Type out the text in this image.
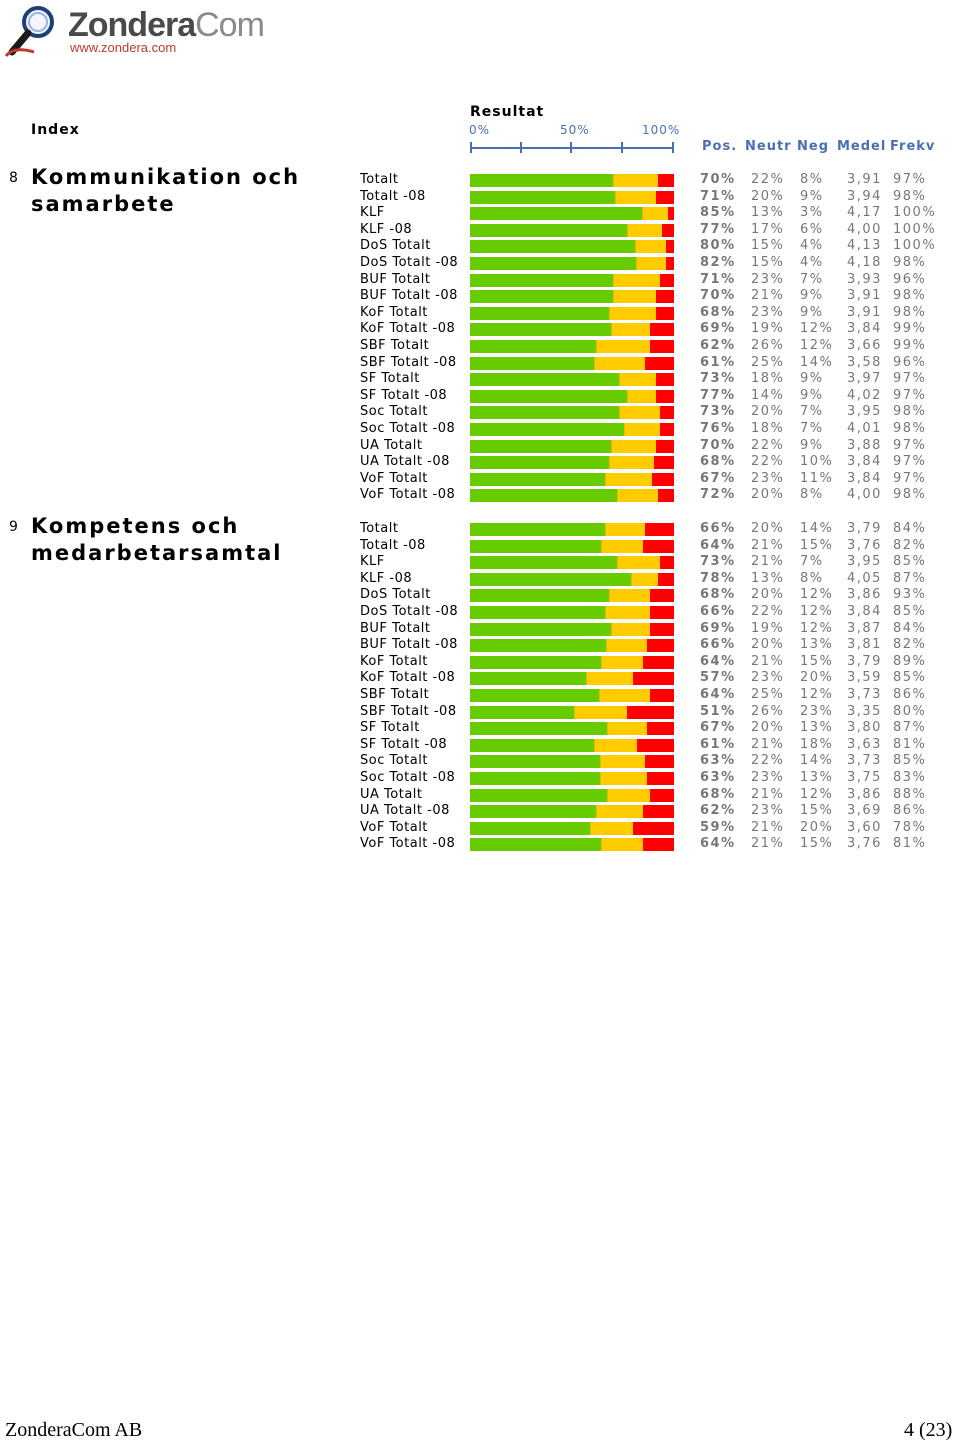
ZonderaCom
www.zondera.com
Index
Resultat
0%	50%	100%
Pos. Neutr Neg Medel Frekv
8 Kommunikation och samarbete
Totalt	70% 22% 8% 3,91 97%
Totalt -08	71% 20% 9% 3,94 98%
KLF	85% 13% 3% 4,17 100%
KLF -08	77% 17% 6% 4,00 100%
DoS Totalt	80% 15% 4% 4,13 100%
DoS Totalt -08	82% 15% 4% 4,18 98%
BUF Totalt	71% 23% 7% 3,93 96%
BUF Totalt -08	70% 21% 9% 3,91 98%
KoF Totalt	68% 23% 9% 3,91 98%
KoF Totalt -08	69% 19% 12% 3,84 99%
SBF Totalt	62% 26% 12% 3,66 99%
SBF Totalt -08	61% 25% 14% 3,58 96%
SF Totalt	73% 18% 9% 3,97 97%
SF Totalt -08	77% 14% 9% 4,02 97%
Soc Totalt	73% 20% 7% 3,95 98%
Soc Totalt -08	76% 18% 7% 4,01 98%
UA Totalt	70% 22% 9% 3,88 97%
UA Totalt -08	68% 22% 10% 3,84 97%
VoF Totalt	67% 23% 11% 3,84 97%
VoF Totalt -08	72% 20% 8% 4,00 98%
9 Kompetens och medarbetarsamtal
Totalt	66% 20% 14% 3,79 84%
Totalt -08	64% 21% 15% 3,76 82%
KLF	73% 21% 7% 3,95 85%
KLF -08	78% 13% 8% 4,05 87%
DoS Totalt	68% 20% 12% 3,86 93%
DoS Totalt -08	66% 22% 12% 3,84 85%
BUF Totalt	69% 19% 12% 3,87 84%
BUF Totalt -08	66% 20% 13% 3,81 82%
KoF Totalt	64% 21% 15% 3,79 89%
KoF Totalt -08	57% 23% 20% 3,59 85%
SBF Totalt	64% 25% 12% 3,73 86%
SBF Totalt -08	51% 26% 23% 3,35 80%
SF Totalt	67% 20% 13% 3,80 87%
SF Totalt -08	61% 21% 18% 3,63 81%
Soc Totalt	63% 22% 14% 3,73 85%
Soc Totalt -08	63% 23% 13% 3,75 83%
UA Totalt	68% 21% 12% 3,86 88%
UA Totalt -08	62% 23% 15% 3,69 86%
VoF Totalt	59% 21% 20% 3,60 78%
VoF Totalt -08	64% 21% 15% 3,76 81%
ZonderaCom AB	4 (23)
